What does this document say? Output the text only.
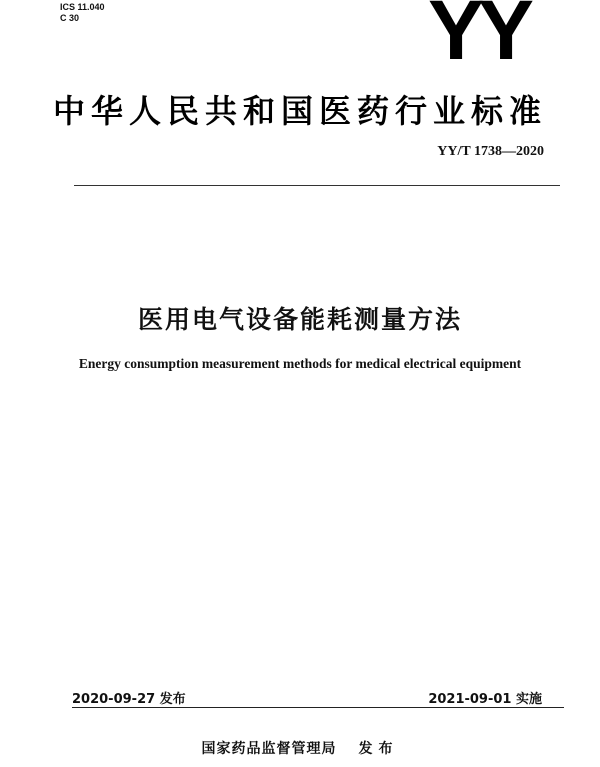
ICS 11.040
C 30	YY
中华人民共和国医药行业标准
YY/T 1738—2020
医用电气设备能耗测量方法
Energy consumption measurement methods for medical electrical equipment
2020-09-27 发布	2021-09-01 实施
国家药品监督管理局 发布
